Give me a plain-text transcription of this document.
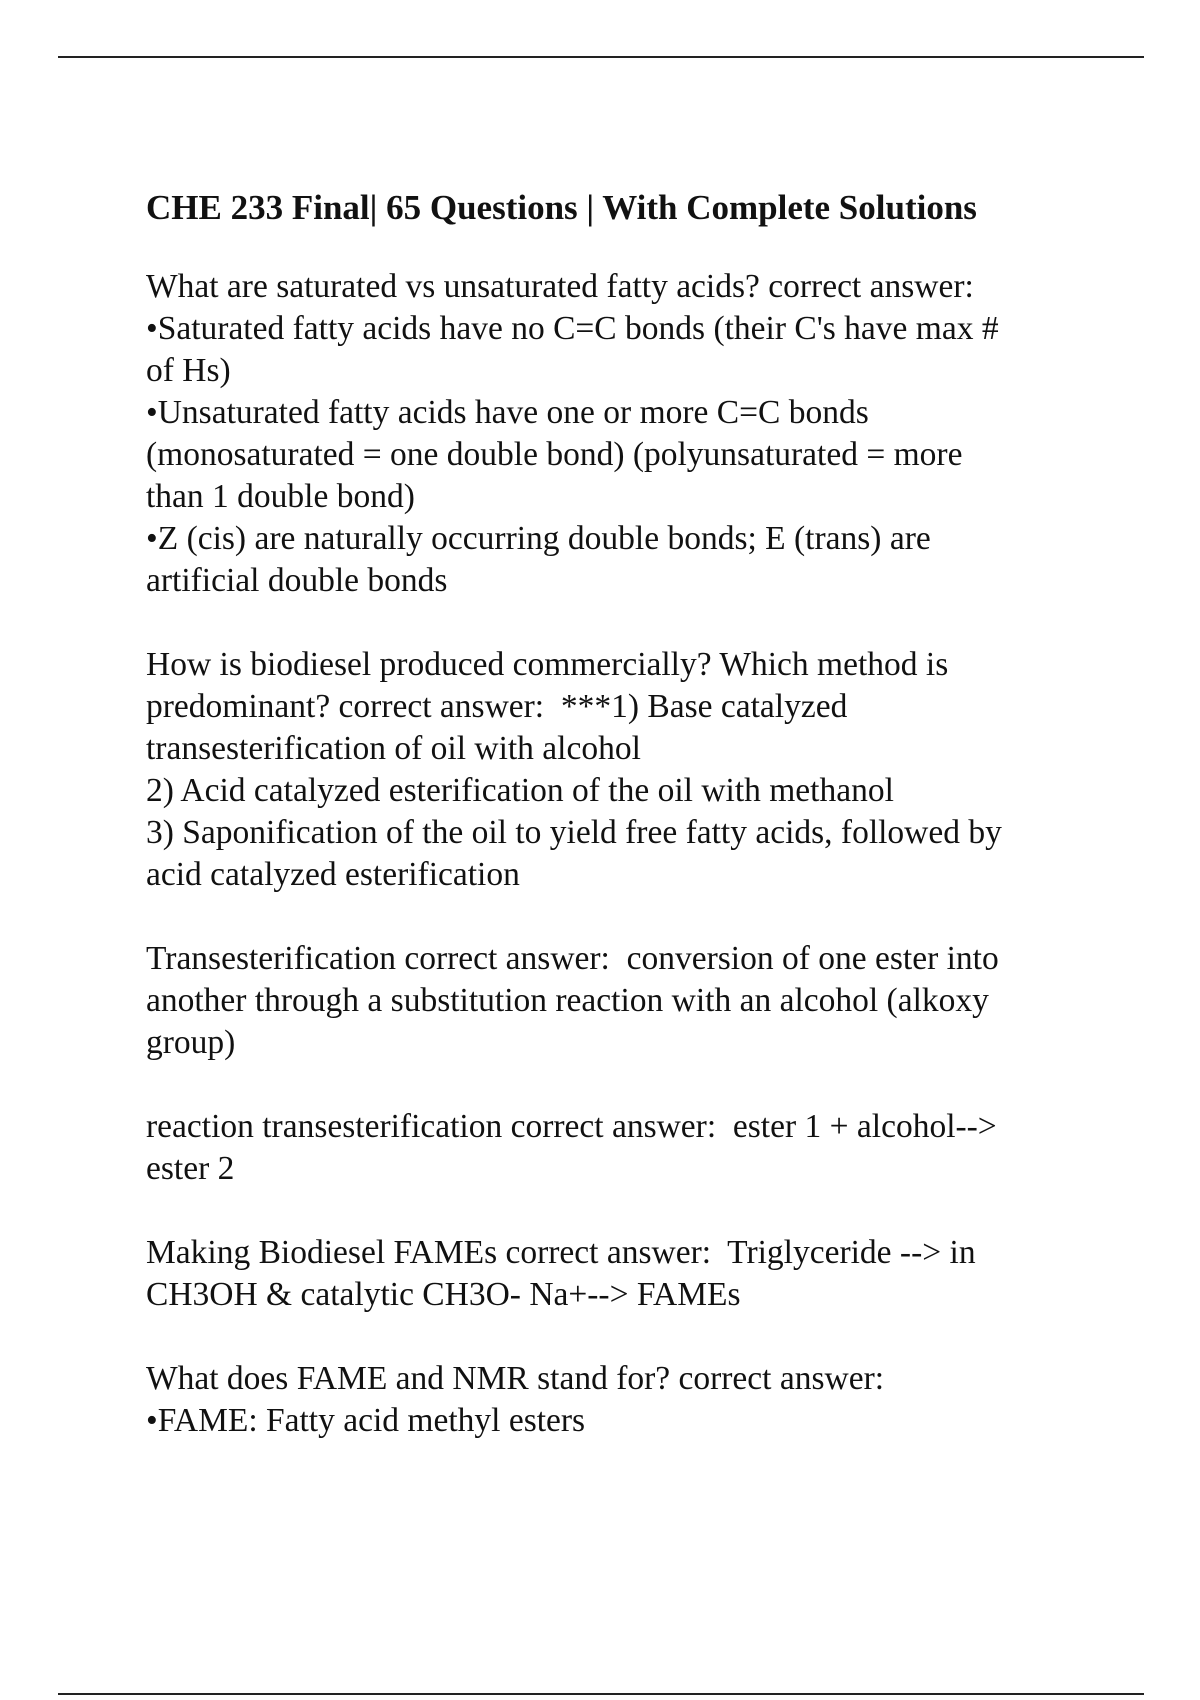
CHE 233 Final| 65 Questions | With Complete Solutions
What are saturated vs unsaturated fatty acids? correct answer:
•Saturated fatty acids have no C=C bonds (their C's have max #
of Hs)
•Unsaturated fatty acids have one or more C=C bonds
(monosaturated = one double bond) (polyunsaturated = more
than 1 double bond)
•Z (cis) are naturally occurring double bonds; E (trans) are
artificial double bonds
How is biodiesel produced commercially? Which method is
predominant? correct answer:  ***1) Base catalyzed
transesterification of oil with alcohol
2) Acid catalyzed esterification of the oil with methanol
3) Saponification of the oil to yield free fatty acids, followed by
acid catalyzed esterification
Transesterification correct answer:  conversion of one ester into
another through a substitution reaction with an alcohol (alkoxy
group)
reaction transesterification correct answer:  ester 1 + alcohol-->
ester 2
Making Biodiesel FAMEs correct answer:  Triglyceride --> in
CH3OH & catalytic CH3O- Na+--> FAMEs
What does FAME and NMR stand for? correct answer:
•FAME: Fatty acid methyl esters
